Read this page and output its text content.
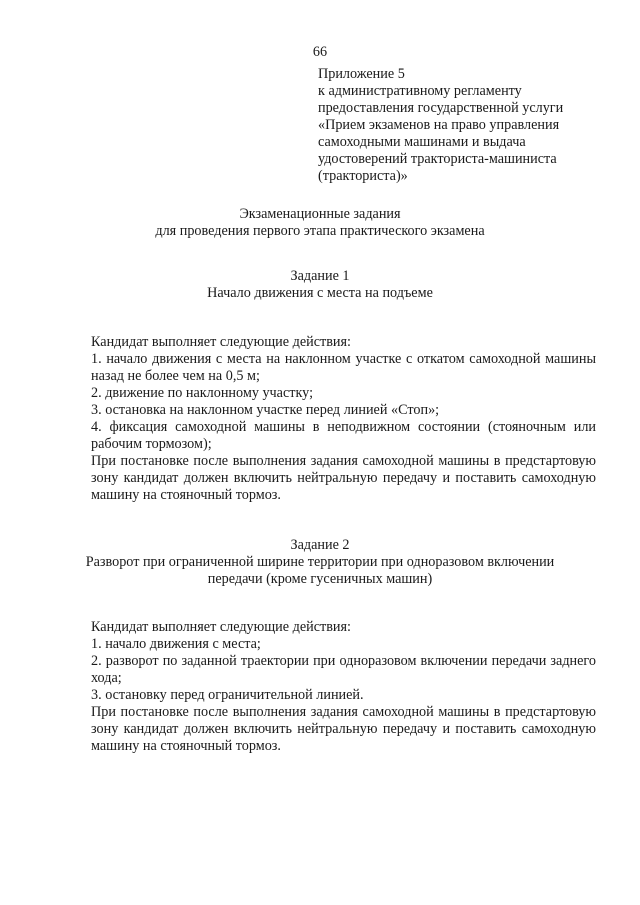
66
Приложение 5
к административному регламенту
предоставления государственной услуги
«Прием экзаменов на право управления
самоходными машинами и выдача
удостоверений тракториста-машиниста
(тракториста)»
Экзаменационные задания
для проведения первого этапа практического экзамена
Задание 1
Начало движения с места на подъеме

Кандидат выполняет следующие действия:

1. начало движения с места на наклонном участке с откатом самоходной машины назад не более чем на 0,5 м;

2. движение по наклонному участку;

3. остановка на наклонном участке перед линией «Стоп»;

4. фиксация самоходной машины в неподвижном состоянии (стояночным или рабочим тормозом);

При постановке после выполнения задания самоходной машины в предстартовую зону кандидат должен включить нейтральную передачу и поставить самоходную машину на стояночный тормоз.

Задание 2
Разворот при ограниченной ширине территории при одноразовом включении
передачи (кроме гусеничных машин)

Кандидат выполняет следующие действия:

1. начало движения с места;

2. разворот по заданной траектории при одноразовом включении передачи заднего хода;

3. остановку перед ограничительной линией.

При постановке после выполнения задания самоходной машины в предстартовую зону кандидат должен включить нейтральную передачу и поставить самоходную машину на стояночный тормоз.
